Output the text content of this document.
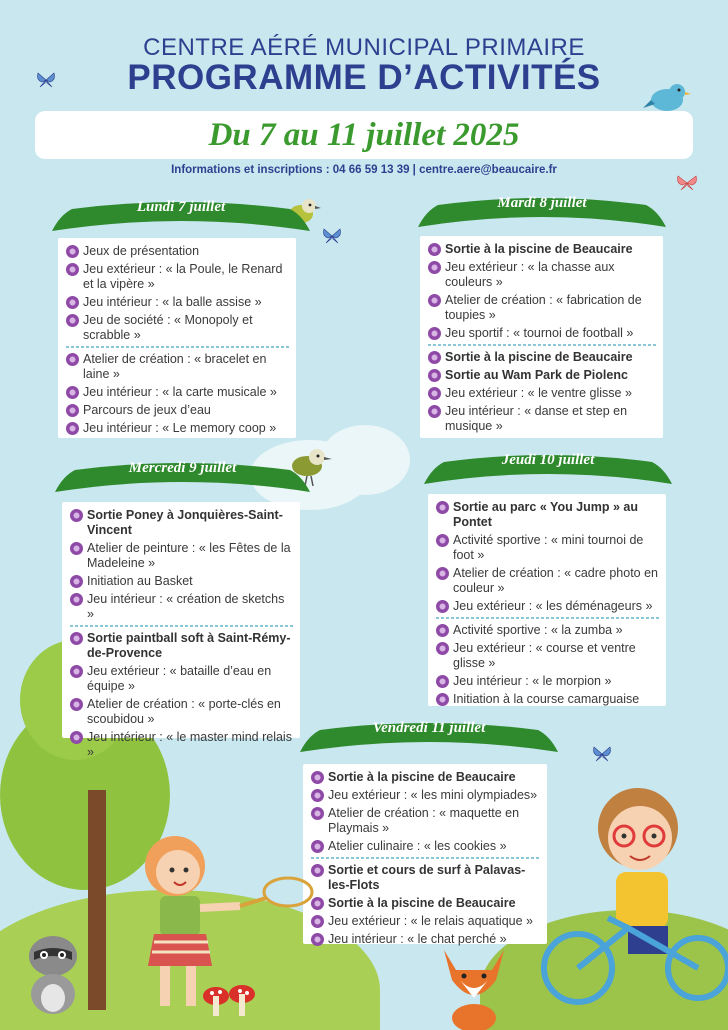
CENTRE AÉRÉ MUNICIPAL PRIMAIRE
PROGRAMME D’ACTIVITÉS
Du 7 au 11 juillet 2025
Informations et inscriptions : 04 66 59 13 39 | centre.aere@beaucaire.fr
Jeux de présentation
Jeu extérieur : « la Poule, le Renard et la vipère »
Jeu intérieur : « la balle assise »
Jeu de société : « Monopoly et scrabble »
Atelier de création : « bracelet en laine »
Jeu intérieur : « la carte musicale »
Parcours de jeux d’eau
Jeu intérieur : « Le memory coop »
Lundi 7 juillet
Sortie à la piscine de Beaucaire
Jeu extérieur : « la chasse aux couleurs »
Atelier de création : « fabrication de toupies »
Jeu sportif : « tournoi de football »
Sortie à la piscine de Beaucaire
Sortie au Wam Park de Piolenc
Jeu extérieur : « le ventre glisse »
Jeu intérieur : « danse et step en musique »
Mardi 8 juillet
Sortie Poney à Jonquières-Saint-Vincent
Atelier de peinture : « les Fêtes de la Madeleine »
Initiation au Basket
Jeu intérieur : « création de sketchs »
Sortie paintball soft à Saint-Rémy-de-Provence
Jeu extérieur : « bataille d’eau en équipe »
Atelier de création : « porte-clés en scoubidou »
Jeu intérieur : « le master mind relais »
Mercredi 9 juillet
Sortie au parc « You Jump » au Pontet
Activité sportive : « mini tournoi de foot »
Atelier de création : « cadre photo en couleur »
Jeu extérieur : « les déménageurs »
Activité sportive : « la zumba »
Jeu extérieur : « course et ventre glisse »
Jeu intérieur : « le morpion »
Initiation à la course camarguaise
Jeudi 10 juillet
Sortie à la piscine de Beaucaire
Jeu extérieur : « les mini olympiades»
Atelier de création : « maquette en Playmais »
Atelier culinaire : « les cookies »
Sortie et cours de surf à Palavas-les-Flots
Sortie à la piscine de Beaucaire
Jeu extérieur : « le relais aquatique »
Jeu intérieur : « le chat perché »
Vendredi 11 juillet
